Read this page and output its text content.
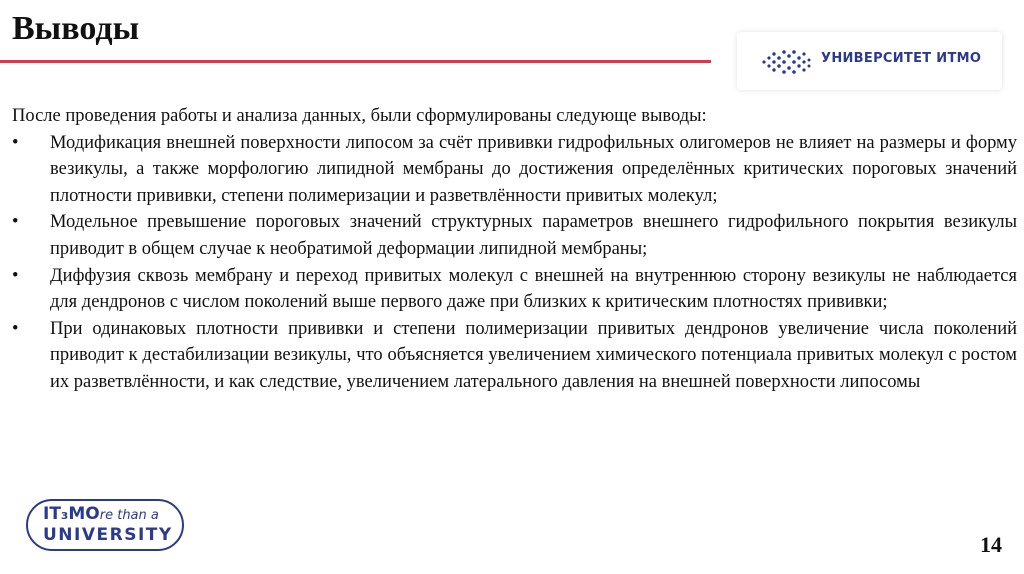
Выводы
УНИВЕРСИТЕТ ИТМО

После проведения работы и анализа данных, были сформулированы следующе выводы:

• Модификация внешней поверхности липосом за счёт прививки гидрофильных олигомеров не влияет на размеры и форму везикулы, а также морфологию липидной мембраны до достижения определённых критических пороговых значений плотности прививки, степени полимеризации и разветвлённости привитых молекул;
• Модельное превышение пороговых значений структурных параметров внешнего гидрофильного покрытия везикулы приводит в общем случае к необратимой деформации липидной мембраны;
• Диффузия сквозь мембрану и переход привитых молекул с внешней на внутреннюю сторону везикулы не наблюдается для дендронов с числом поколений выше первого даже при близких к критическим плотностях прививки;
• При одинаковых плотности прививки и степени полимеризации привитых дендронов увеличение числа поколений приводит к дестабилизации везикулы, что объясняется увеличением химического потенциала привитых молекул с ростом их разветвлённости, и как следствие, увеличением латерального давления на внешней поверхности липосомы
IT₃MOre than a
UNIVERSITY	14
